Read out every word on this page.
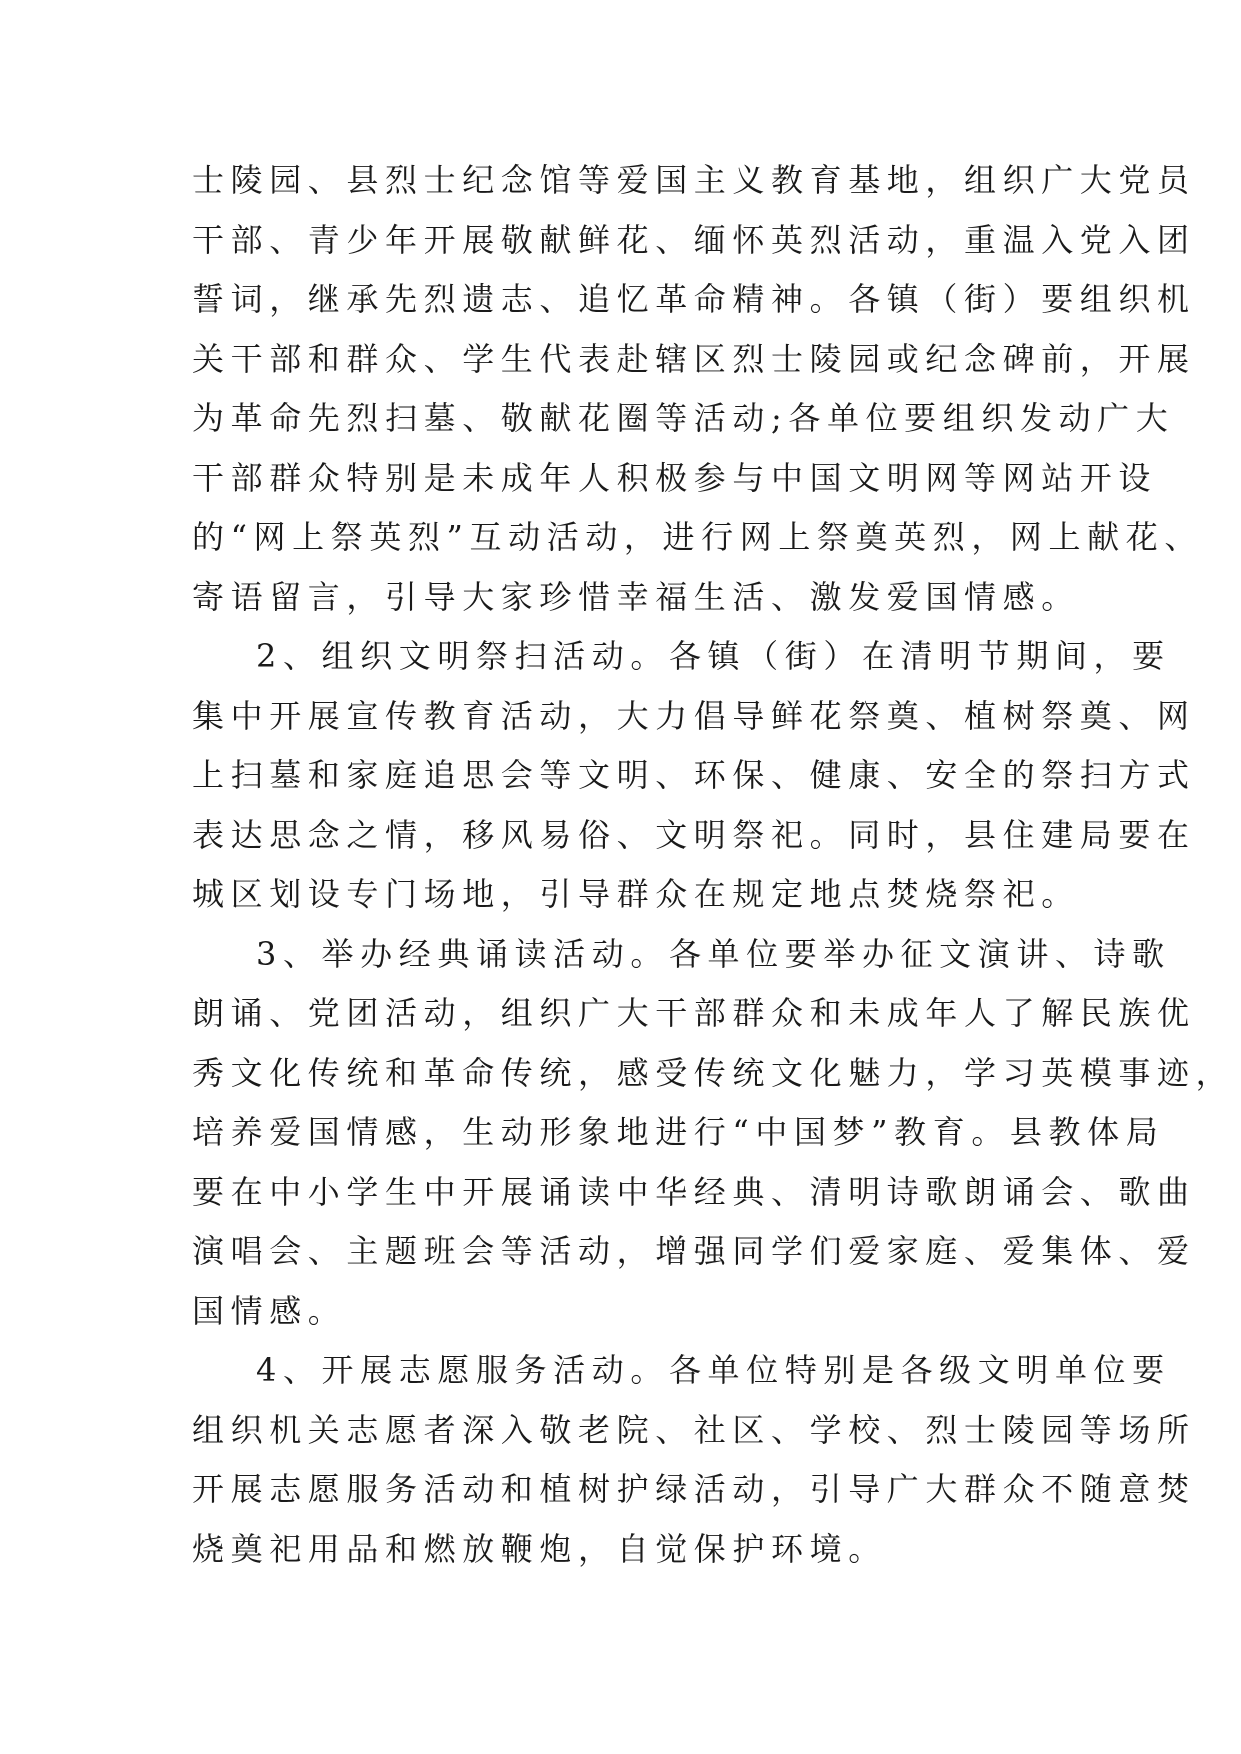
士陵园、县烈士纪念馆等爱国主义教育基地，组织广大党员
干部、青少年开展敬献鲜花、缅怀英烈活动，重温入党入团
誓词，继承先烈遗志、追忆革命精神。各镇（街）要组织机
关干部和群众、学生代表赴辖区烈士陵园或纪念碑前，开展
为革命先烈扫墓、敬献花圈等活动;各单位要组织发动广大
干部群众特别是未成年人积极参与中国文明网等网站开设
的“网上祭英烈”互动活动，进行网上祭奠英烈，网上献花、
寄语留言，引导大家珍惜幸福生活、激发爱国情感。
2、组织文明祭扫活动。各镇（街）在清明节期间，要
集中开展宣传教育活动，大力倡导鲜花祭奠、植树祭奠、网
上扫墓和家庭追思会等文明、环保、健康、安全的祭扫方式
表达思念之情，移风易俗、文明祭祀。同时，县住建局要在
城区划设专门场地，引导群众在规定地点焚烧祭祀。
3、举办经典诵读活动。各单位要举办征文演讲、诗歌
朗诵、党团活动，组织广大干部群众和未成年人了解民族优
秀文化传统和革命传统，感受传统文化魅力，学习英模事迹，
培养爱国情感，生动形象地进行“中国梦”教育。县教体局
要在中小学生中开展诵读中华经典、清明诗歌朗诵会、歌曲
演唱会、主题班会等活动，增强同学们爱家庭、爱集体、爱
国情感。
4、开展志愿服务活动。各单位特别是各级文明单位要
组织机关志愿者深入敬老院、社区、学校、烈士陵园等场所
开展志愿服务活动和植树护绿活动，引导广大群众不随意焚
烧奠祀用品和燃放鞭炮，自觉保护环境。
